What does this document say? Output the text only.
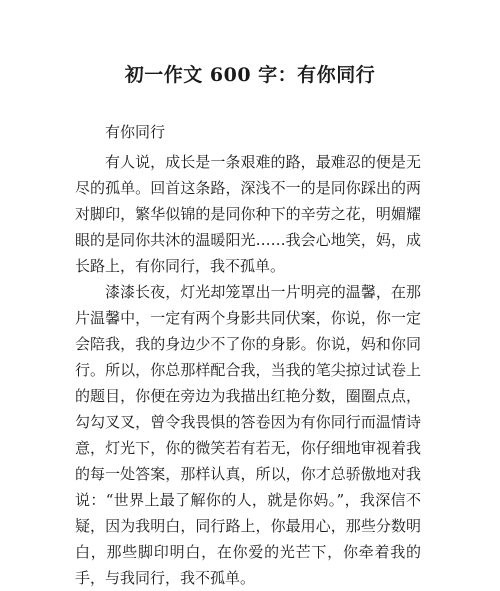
初一作文 600 字：有你同行
有你同行

有人说，成长是一条艰难的路，最难忍的便是无尽的孤单。回首这条路，深浅不一的是同你踩出的两对脚印，繁华似锦的是同你种下的辛劳之花，明媚耀眼的是同你共沐的温暖阳光……我会心地笑，妈，成长路上，有你同行，我不孤单。

漆漆长夜，灯光却笼罩出一片明亮的温馨，在那片温馨中，一定有两个身影共同伏案，你说，你一定会陪我，我的身边少不了你的身影。你说，妈和你同行。所以，你总那样配合我，当我的笔尖掠过试卷上的题目，你便在旁边为我描出红艳分数，圈圈点点，勾勾叉叉，曾令我畏惧的答卷因为有你同行而温情诗意，灯光下，你的微笑若有若无，你仔细地审视着我的每一处答案，那样认真，所以，你才总骄傲地对我说：“世界上最了解你的人，就是你妈。”，我深信不疑，因为我明白，同行路上，你最用心，那些分数明白，那些脚印明白，在你爱的光芒下，你牵着我的手，与我同行，我不孤单。
